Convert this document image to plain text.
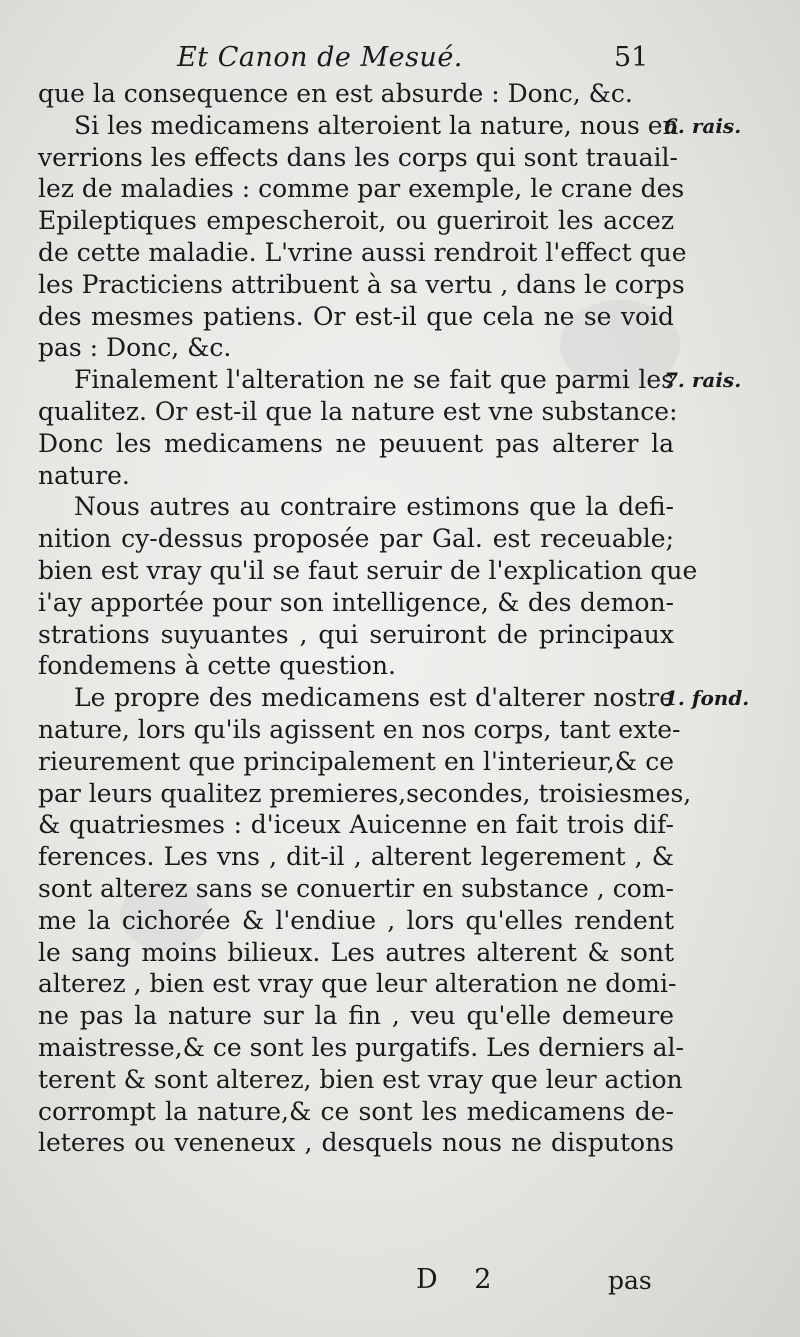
Et Canon de Mesué.	51
que la consequence en est absurde : Donc, &c.
Si les medicamens alteroient la nature, nous en
verrions les effects dans les corps qui sont trauail-
lez de maladies : comme par exemple, le crane des
Epileptiques empescheroit, ou gueriroit les accez
de cette maladie. L'vrine aussi rendroit l'effect que
les Practiciens attribuent à sa vertu , dans le corps
des mesmes patiens. Or est-il que cela ne se void
pas : Donc, &c.
Finalement l'alteration ne se fait que parmi les
qualitez. Or est-il que la nature est vne substance:
Donc les medicamens ne peuuent pas alterer la
nature.
Nous autres au contraire estimons que la defi-
nition cy-dessus proposée par Gal. est receuable;
bien est vray qu'il se faut seruir de l'explication que
i'ay apportée pour son intelligence, & des demon-
strations suyuantes , qui seruiront de principaux
fondemens à cette question.
Le propre des medicamens est d'alterer nostre
nature, lors qu'ils agissent en nos corps, tant exte-
rieurement que principalement en l'interieur,& ce
par leurs qualitez premieres,secondes, troisiesmes,
& quatriesmes : d'iceux Auicenne en fait trois dif-
ferences. Les vns , dit-il , alterent legerement , &
sont alterez sans se conuertir en substance , com-
me la cichorée & l'endiue , lors qu'elles rendent
le sang moins bilieux. Les autres alterent & sont
alterez , bien est vray que leur alteration ne domi-
ne pas la nature sur la fin , veu qu'elle demeure
maistresse,& ce sont les purgatifs. Les derniers al-
terent & sont alterez, bien est vray que leur action
corrompt la nature,& ce sont les medicamens de-
leteres ou veneneux , desquels nous ne disputons
6. rais.
7. rais.
1. fond.
D 2	pas
